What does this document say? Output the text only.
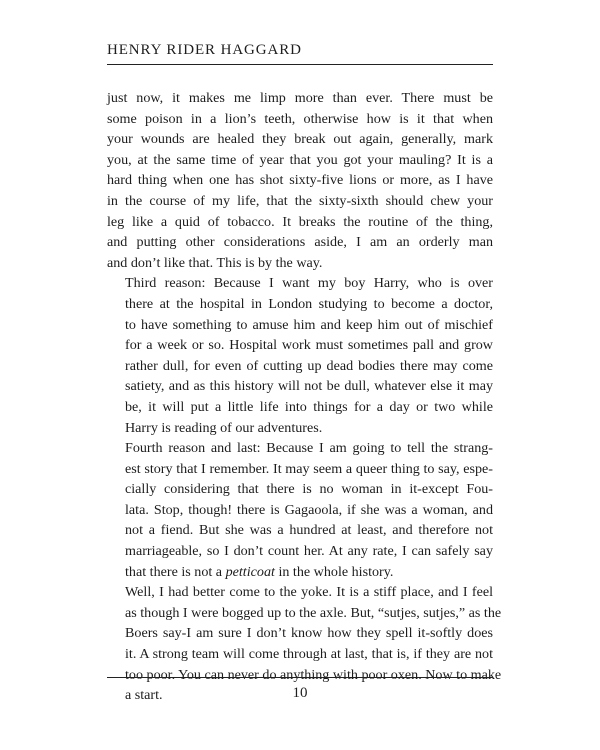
HENRY RIDER HAGGARD

just now, it makes me limp more than ever. There must be
some poison in a lion’s teeth, otherwise how is it that when
your wounds are healed they break out again, generally, mark
you, at the same time of year that you got your mauling? It is a
hard thing when one has shot sixty-five lions or more, as I have
in the course of my life, that the sixty-sixth should chew your
leg like a quid of tobacco. It breaks the routine of the thing,
and putting other considerations aside, I am an orderly man
and don’t like that. This is by the way.

Third reason: Because I want my boy Harry, who is over
there at the hospital in London studying to become a doctor,
to have something to amuse him and keep him out of mischief
for a week or so. Hospital work must sometimes pall and grow
rather dull, for even of cutting up dead bodies there may come
satiety, and as this history will not be dull, whatever else it may
be, it will put a little life into things for a day or two while
Harry is reading of our adventures.

Fourth reason and last: Because I am going to tell the strang-
est story that I remember. It may seem a queer thing to say, espe-
cially considering that there is no woman in it-except Fou-
lata. Stop, though! there is Gagaoola, if she was a woman, and
not a fiend. But she was a hundred at least, and therefore not
marriageable, so I don’t count her. At any rate, I can safely say
that there is not a petticoat in the whole history.

Well, I had better come to the yoke. It is a stiff place, and I feel
as though I were bogged up to the axle. But, “sutjes, sutjes,” as the
Boers say-I am sure I don’t know how they spell it-softly does
it. A strong team will come through at last, that is, if they are not
too poor. You can never do anything with poor oxen. Now to make
a start.	10
